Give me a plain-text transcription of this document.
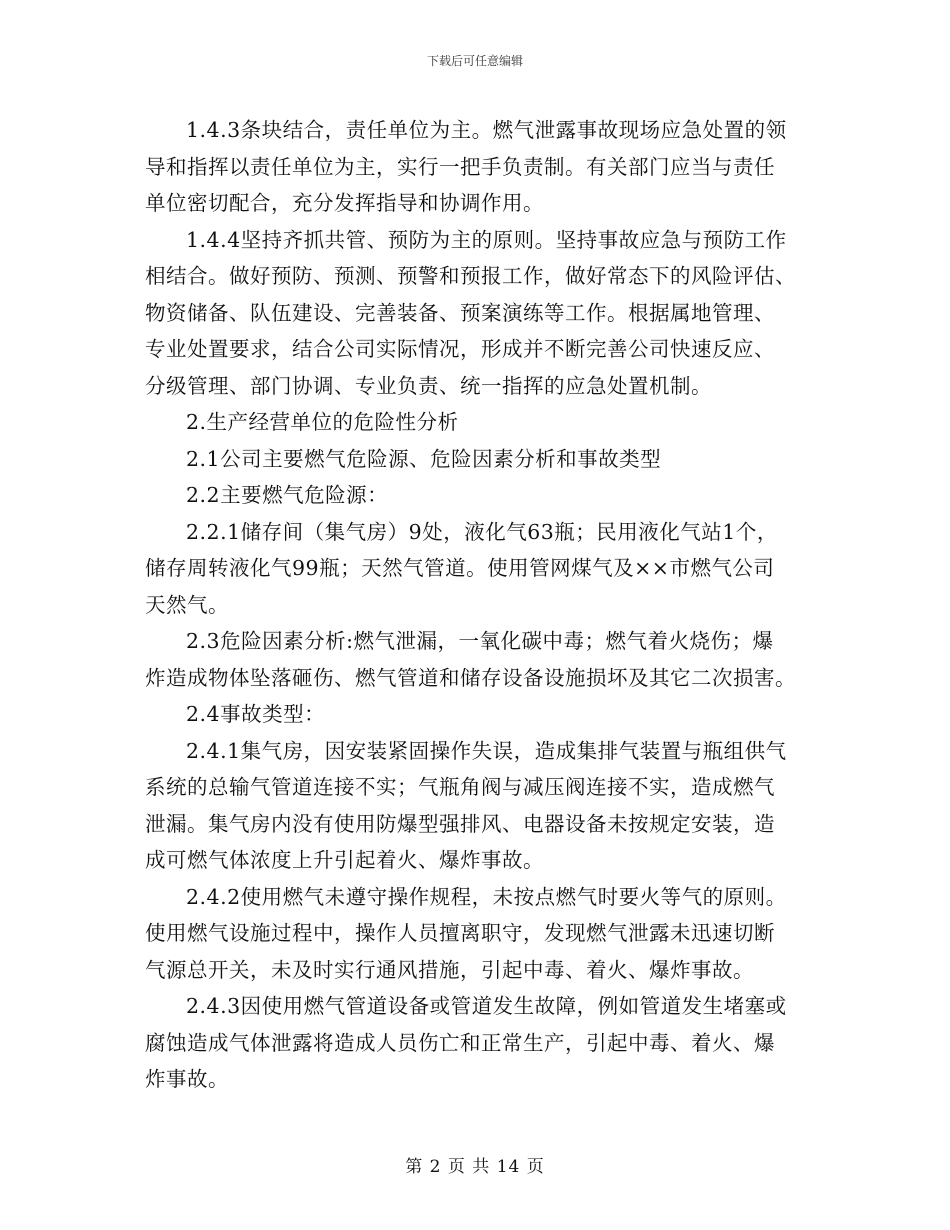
下载后可任意编辑
1.4.3条块结合，责任单位为主。燃气泄露事故现场应急处置的领
导和指挥以责任单位为主，实行一把手负责制。有关部门应当与责任
单位密切配合，充分发挥指导和协调作用。
1.4.4坚持齐抓共管、预防为主的原则。坚持事故应急与预防工作
相结合。做好预防、预测、预警和预报工作，做好常态下的风险评估、
物资储备、队伍建设、完善装备、预案演练等工作。根据属地管理、
专业处置要求，结合公司实际情况，形成并不断完善公司快速反应、
分级管理、部门协调、专业负责、统一指挥的应急处置机制。
2.生产经营单位的危险性分析
2.1公司主要燃气危险源、危险因素分析和事故类型
2.2主要燃气危险源：
2.2.1储存间（集气房）9处，液化气63瓶；民用液化气站1个，
储存周转液化气99瓶；天然气管道。使用管网煤气及××市燃气公司
天然气。
2.3危险因素分析:燃气泄漏，一氧化碳中毒；燃气着火烧伤；爆
炸造成物体坠落砸伤、燃气管道和储存设备设施损坏及其它二次损害。
2.4事故类型：
2.4.1集气房，因安装紧固操作失误，造成集排气装置与瓶组供气
系统的总输气管道连接不实；气瓶角阀与减压阀连接不实，造成燃气
泄漏。集气房内没有使用防爆型强排风、电器设备未按规定安装，造
成可燃气体浓度上升引起着火、爆炸事故。
2.4.2使用燃气未遵守操作规程，未按点燃气时要火等气的原则。
使用燃气设施过程中，操作人员擅离职守，发现燃气泄露未迅速切断
气源总开关，未及时实行通风措施，引起中毒、着火、爆炸事故。
2.4.3因使用燃气管道设备或管道发生故障，例如管道发生堵塞或
腐蚀造成气体泄露将造成人员伤亡和正常生产，引起中毒、着火、爆
炸事故。
第 2 页 共 14 页
